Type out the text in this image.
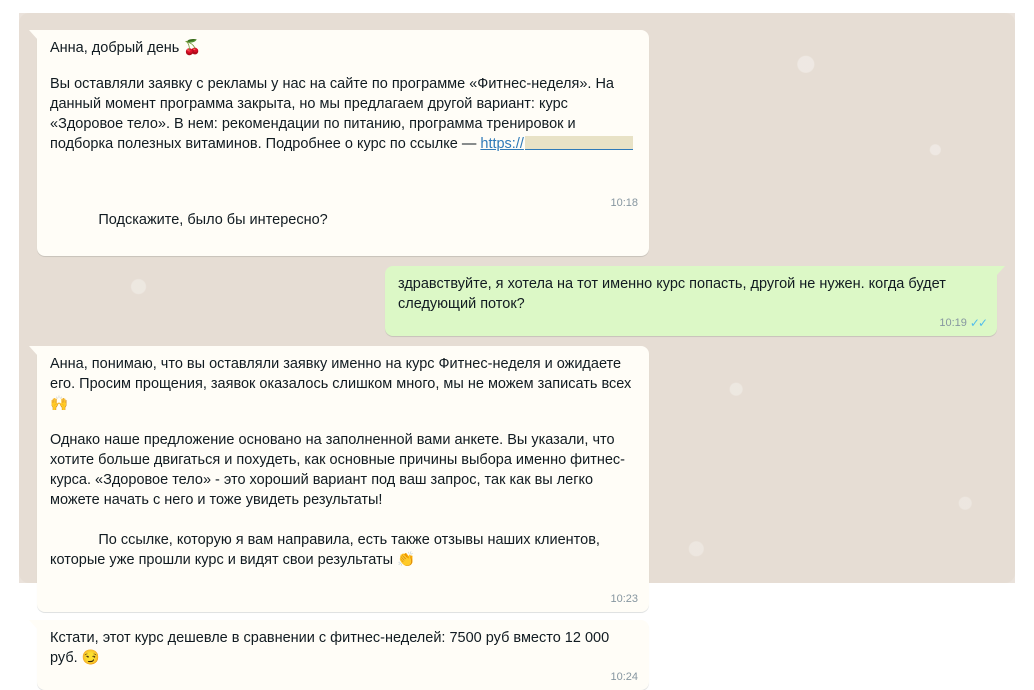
Анна, добрый день 🍒

Вы оставляли заявку с рекламы у нас на сайте по программе «Фитнес-неделя». На данный момент программа закрыта, но мы предлагаем другой вариант: курс «Здоровое тело». В нем: рекомендации по питанию, программа тренировок и подборка полезных витаминов. Подробнее о курс по ссылке — https://

10:18

Подскажите, было бы интересно?

здравствуйте, я хотела на тот именно курс попасть, другой не нужен. когда будет следующий поток?

10:19 ✓✓

Анна, понимаю, что вы оставляли заявку именно на курс Фитнес-неделя и ожидаете его. Просим прощения, заявок оказалось слишком много, мы не можем записать всех 🙌

Однако наше предложение основано на заполненной вами анкете. Вы указали, что хотите больше двигаться и похудеть, как основные причины выбора именно фитнес-курса. «Здоровое тело» - это хороший вариант под ваш запрос, так как вы легко можете начать с него и тоже увидеть результаты!

По ссылке, которую я вам направила, есть также отзывы наших клиентов, которые уже прошли курс и видят свои результаты 👏

10:23

Кстати, этот курс дешевле в сравнении с фитнес-неделей: 7500 руб вместо 12 000 руб. 😏

10:24
